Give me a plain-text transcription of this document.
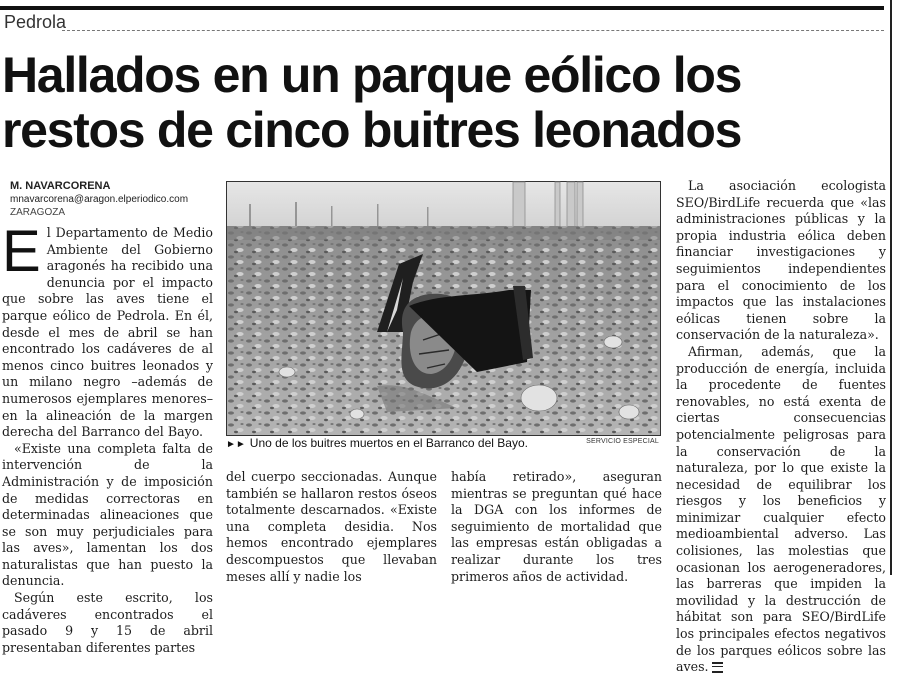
Pedrola
Hallados en un parque eólico los
restos de cinco buitres leonados
M. NAVARCORENA
mnavarcorena@aragon.elperiodico.com
ZARAGOZA

El Departamento de Medio Ambiente del Gobierno aragonés ha recibido una denuncia por el impacto que sobre las aves tiene el parque eólico de Pedrola. En él, desde el mes de abril se han encontrado los cadáveres de al menos cinco buitres leonados y un milano negro –además de numerosos ejemplares menores– en la alineación de la margen derecha del Barranco del Bayo.

«Existe una completa falta de intervención de la Administración y de imposición de medidas correctoras en determinadas alineaciones que se son muy perjudiciales para las aves», lamentan los dos naturalistas que han puesto la denuncia.

Según este escrito, los cadáveres encontrados el pasado 9 y 15 de abril presentaban diferentes partes

►► Uno de los buitres muertos en el Barranco del Bayo.	SERVICIO ESPECIAL

del cuerpo seccionadas. Aunque también se hallaron restos óseos totalmente descarnados. «Existe una completa desidia. Nos hemos encontrado ejemplares descompuestos que llevaban meses allí y nadie los

había retirado», aseguran mientras se preguntan qué hace la DGA con los informes de seguimiento de mortalidad que las empresas están obligadas a realizar durante los tres primeros años de actividad.

La asociación ecologista SEO/BirdLife recuerda que «las administraciones públicas y la propia industria eólica deben financiar investigaciones y seguimientos independientes para el conocimiento de los impactos que las instalaciones eólicas tienen sobre la conservación de la naturaleza».

Afirman, además, que la producción de energía, incluida la procedente de fuentes renovables, no está exenta de ciertas consecuencias potencialmente peligrosas para la conservación de la naturaleza, por lo que existe la necesidad de equilibrar los riesgos y los beneficios y minimizar cualquier efecto medioambiental adverso. Las colisiones, las molestias que ocasionan los aerogeneradores, las barreras que impiden la movilidad y la destrucción de hábitat son para SEO/BirdLife los principales efectos negativos de los parques eólicos sobre las aves.
